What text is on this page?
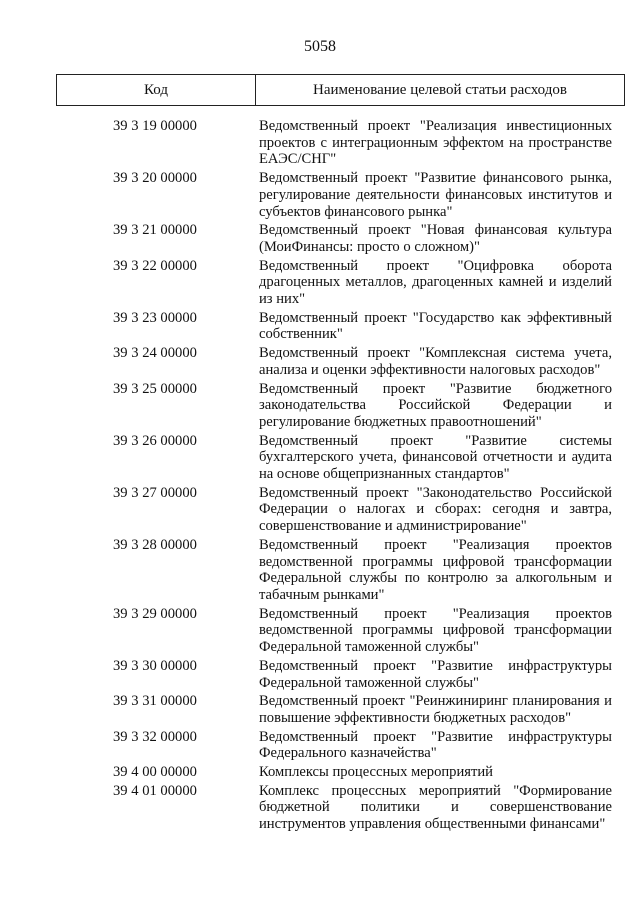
5058
Код	Наименование целевой статьи расходов
39 3 19 00000	Ведомственный проект "Реализация инвестиционных проектов с интеграционным эффектом на пространстве ЕАЭС/СНГ"
39 3 20 00000	Ведомственный проект "Развитие финансового рынка, регулирование деятельности финансовых институтов и субъектов финансового рынка"
39 3 21 00000	Ведомственный проект "Новая финансовая культура (МоиФинансы: просто о сложном)"
39 3 22 00000	Ведомственный проект "Оцифровка оборота драгоценных металлов, драгоценных камней и изделий из них"
39 3 23 00000	Ведомственный проект "Государство как эффективный собственник"
39 3 24 00000	Ведомственный проект "Комплексная система учета, анализа и оценки эффективности налоговых расходов"
39 3 25 00000	Ведомственный проект "Развитие бюджетного законодательства Российской Федерации и регулирование бюджетных правоотношений"
39 3 26 00000	Ведомственный проект "Развитие системы бухгалтерского учета, финансовой отчетности и аудита на основе общепризнанных стандартов"
39 3 27 00000	Ведомственный проект "Законодательство Российской Федерации о налогах и сборах: сегодня и завтра, совершенствование и администрирование"
39 3 28 00000	Ведомственный проект "Реализация проектов ведомственной программы цифровой трансформации Федеральной службы по контролю за алкогольным и табачным рынками"
39 3 29 00000	Ведомственный проект "Реализация проектов ведомственной программы цифровой трансформации Федеральной таможенной службы"
39 3 30 00000	Ведомственный проект "Развитие инфраструктуры Федеральной таможенной службы"
39 3 31 00000	Ведомственный проект "Реинжиниринг планирования и повышение эффективности бюджетных расходов"
39 3 32 00000	Ведомственный проект "Развитие инфраструктуры Федерального казначейства"
39 4 00 00000	Комплексы процессных мероприятий
39 4 01 00000	Комплекс процессных мероприятий "Формирование бюджетной политики и совершенствование инструментов управления общественными финансами"
